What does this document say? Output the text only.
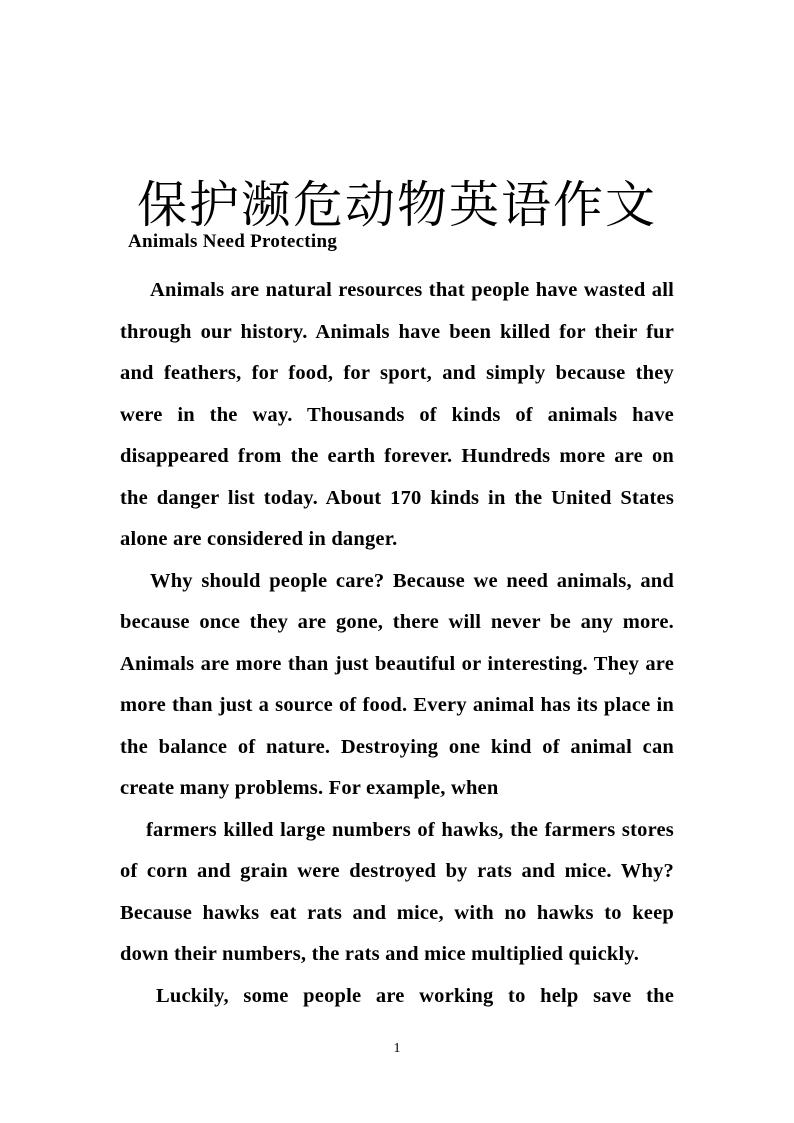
保护濒危动物英语作文

Animals Need Protecting

Animals are natural resources that people have wasted all through our history. Animals have been killed for their fur and feathers, for food, for sport, and simply because they were in the way. Thousands of kinds of animals have disappeared from the earth forever. Hundreds more are on the danger list today. About 170 kinds in the United States alone are considered in danger.

Why should people care? Because we need animals, and because once they are gone, there will never be any more. Animals are more than just beautiful or interesting. They are more than just a source of food. Every animal has its place in the balance of nature. Destroying one kind of animal can create many problems. For example, when

farmers killed large numbers of hawks, the farmers stores of corn and grain were destroyed by rats and mice. Why? Because hawks eat rats and mice, with no hawks to keep down their numbers, the rats and mice multiplied quickly.

Luckily, some people are working to help save the

1
